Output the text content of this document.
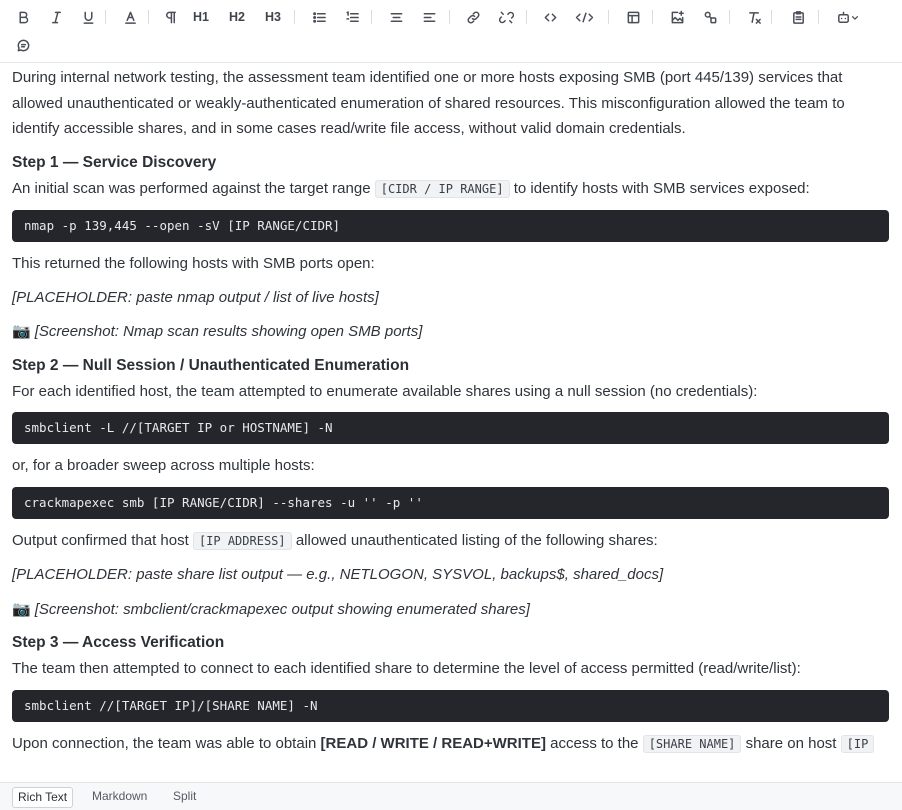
H1 H2 H3

During internal network testing, the assessment team identified one or more hosts exposing SMB (port 445/139) services that allowed unauthenticated or weakly-authenticated enumeration of shared resources. This misconfiguration allowed the team to identify accessible shares, and in some cases read/write file access, without valid domain credentials.

Step 1 — Service Discovery

An initial scan was performed against the target range [CIDR / IP RANGE] to identify hosts with SMB services exposed:

nmap -p 139,445 --open -sV [IP RANGE/CIDR]

This returned the following hosts with SMB ports open:

[PLACEHOLDER: paste nmap output / list of live hosts]

📷 [Screenshot: Nmap scan results showing open SMB ports]

Step 2 — Null Session / Unauthenticated Enumeration

For each identified host, the team attempted to enumerate available shares using a null session (no credentials):

smbclient -L //[TARGET IP or HOSTNAME] -N

or, for a broader sweep across multiple hosts:

crackmapexec smb [IP RANGE/CIDR] --shares -u '' -p ''

Output confirmed that host [IP ADDRESS] allowed unauthenticated listing of the following shares:

[PLACEHOLDER: paste share list output — e.g., NETLOGON, SYSVOL, backups$, shared_docs]

📷 [Screenshot: smbclient/crackmapexec output showing enumerated shares]

Step 3 — Access Verification

The team then attempted to connect to each identified share to determine the level of access permitted (read/write/list):

smbclient //[TARGET IP]/[SHARE NAME] -N

Upon connection, the team was able to obtain [READ / WRITE / READ+WRITE] access to the [SHARE NAME] share on host [IP

Rich Text	Markdown	Split
